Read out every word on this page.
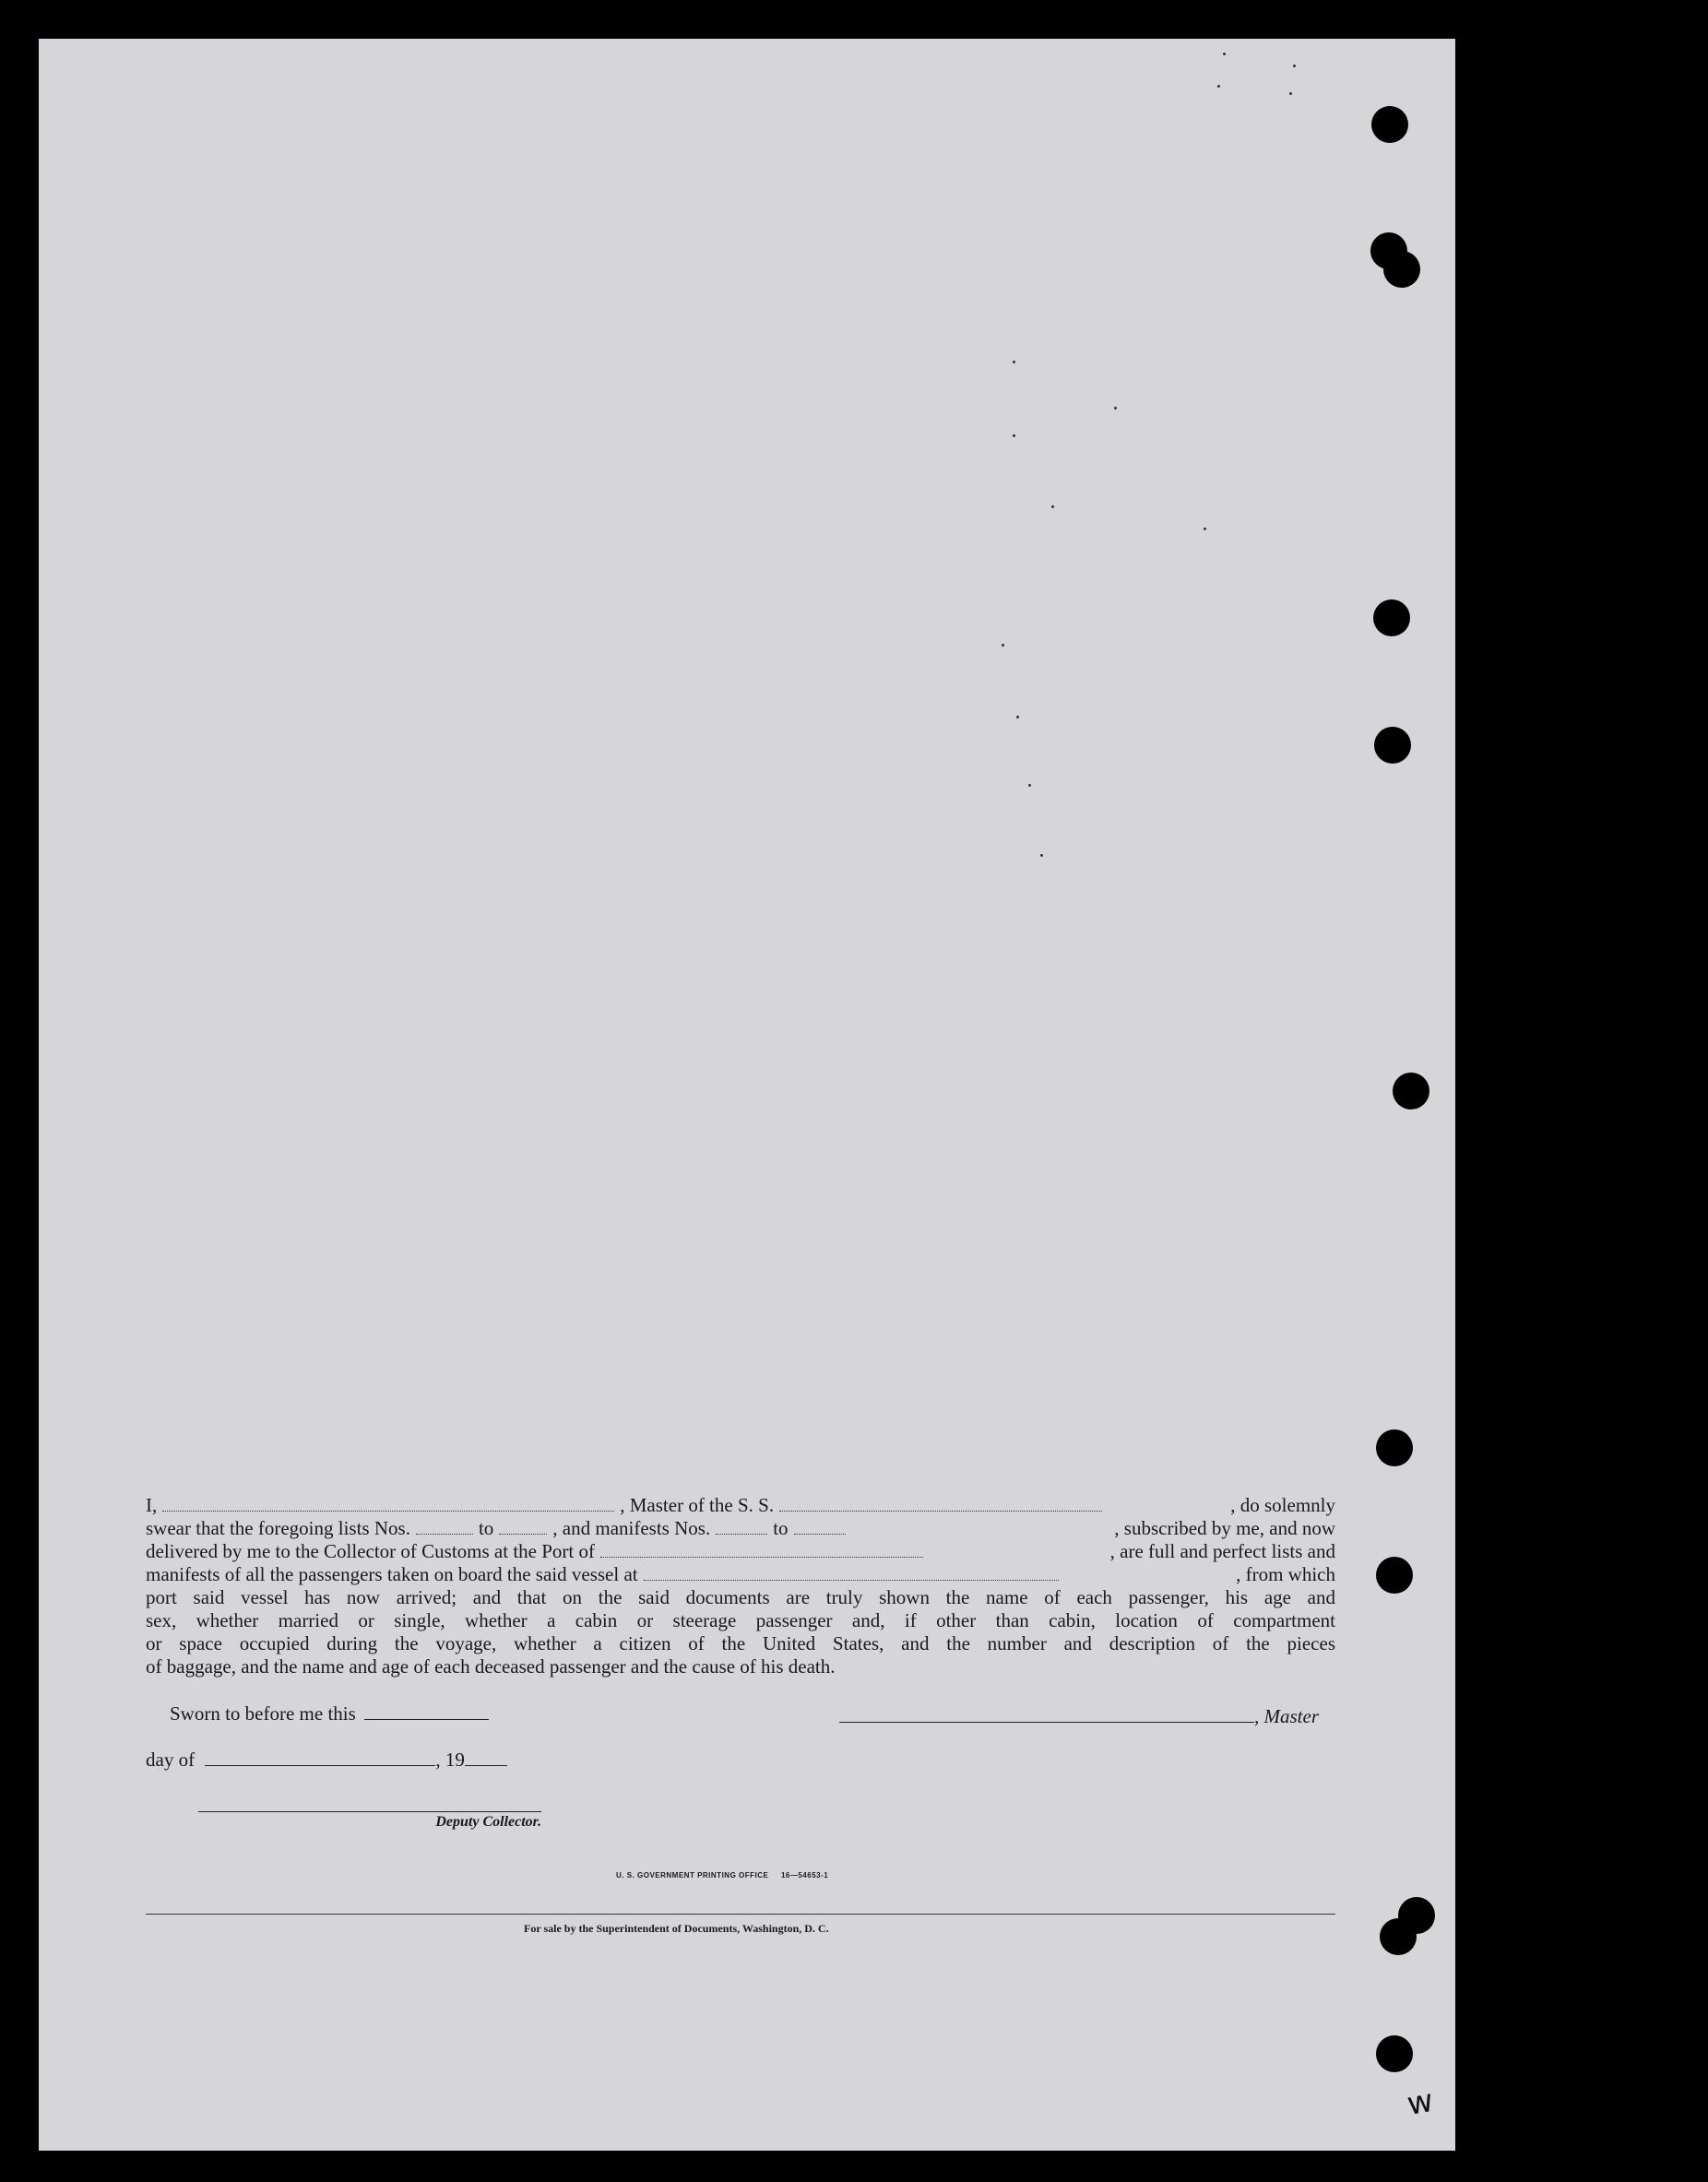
I,	, Master of the S. S.	, do solemnly
swear that the foregoing lists Nos.	to	, and manifests Nos.	to	, subscribed by me, and now
delivered by me to the Collector of Customs at the Port of	, are full and perfect lists and
manifests of all the passengers taken on board the said vessel at	, from which
port said vessel has now arrived; and that on the said documents are truly shown the name of each passenger, his age and
sex, whether married or single, whether a cabin or steerage passenger and, if other than cabin, location of compartment
or space occupied during the voyage, whether a citizen of the United States, and the number and description of the pieces
of baggage, and the name and age of each deceased passenger and the cause of his death.
Sworn to before me this	, Master
day of	, 19
Deputy Collector.
U. S. GOVERNMENT PRINTING OFFICE     16—54653-1
For sale by the Superintendent of Documents, Washington, D. C.
w
